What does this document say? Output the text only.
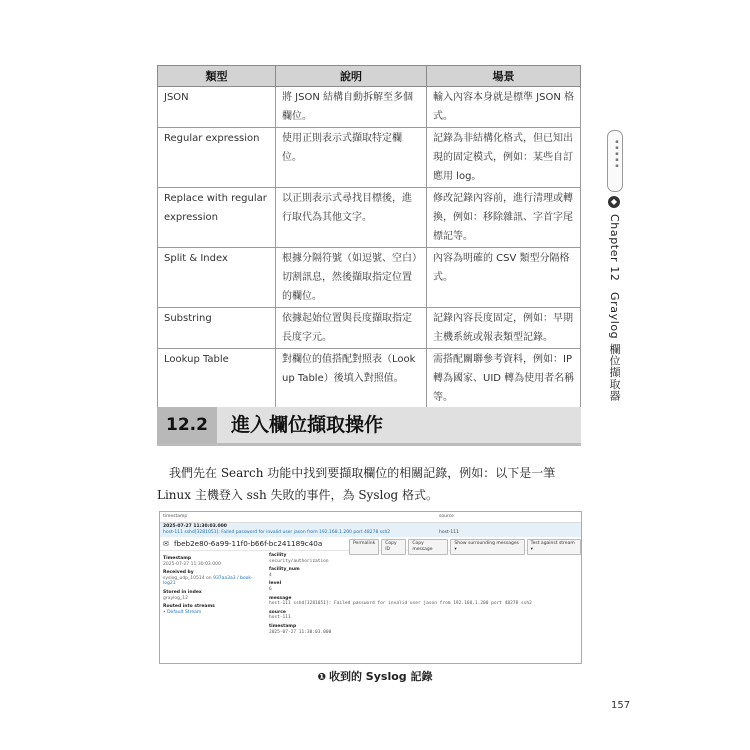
類型	說明	場景
JSON	將 JSON 結構自動拆解至多個欄位。	輸入內容本身就是標準 JSON 格式。
Regular expression	使用正則表示式擷取特定欄位。	記錄為非結構化格式，但已知出現的固定模式，例如：某些自訂應用 log。
Replace with regular expression	以正則表示式尋找目標後，進行取代為其他文字。	修改記錄內容前，進行清理或轉換，例如：移除雜訊、字首字尾標記等。
Split & Index	根據分隔符號（如逗號、空白）切割訊息，然後擷取指定位置的欄位。	內容為明確的 CSV 類型分隔格式。
Substring	依據起始位置與長度擷取指定長度字元。	記錄內容長度固定，例如：早期主機系統或報表類型記錄。
Lookup Table	對欄位的值搭配對照表（Lookup Table）後填入對照值。	需搭配關聯參考資料，例如：IP 轉為國家、UID 轉為使用者名稱等。
▪▪▪▪▪
◆
Chapter 12 Graylog 欄位擷取器
12.2	進入欄位擷取操作

我們先在 Search 功能中找到要擷取欄位的相關記錄，例如：以下是一筆 Linux 主機登入 ssh 失敗的事件，為 Syslog 格式。

timestamp	source
2025-07-27 11:30:03.000
host-111 sshd[3281051]: Failed password for invalid user jason from 192.168.1.200 port 48278 ssh2	host-111
✉ fbeb2e80-6a99-11f0-b66f-bc241189c40a	Permalink	Copy ID
Copy message
Show surrounding messages ▾
Test against stream ▾
Timestamp
2025-07-27 11:30:03.000
Received by
syslog_udp_10514 on 937aa3a3 / book-log21
Stored in index
graylog_12
Routed into streams
• Default Stream
facility
security/authorization
facility_num
4
level
6
message
host-111 sshd[3281051]: Failed password for invalid user jason from 192.168.1.200 port 48278 ssh2
source
host-111
timestamp
2025-07-27 11:30:03.000
❶ 收到的 Syslog 記錄
157
